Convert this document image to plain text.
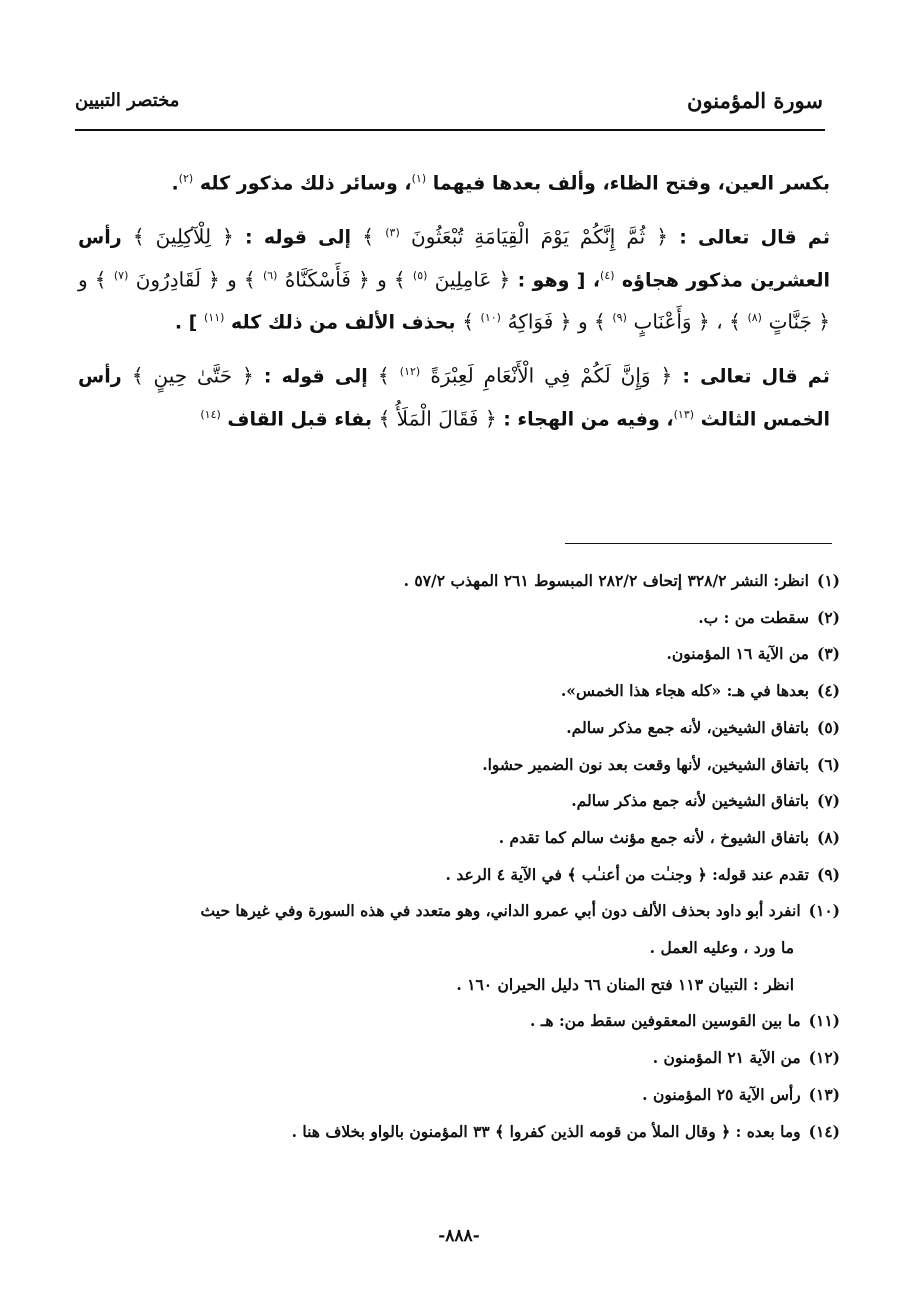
سورة المؤمنون
مختصر التبيين

بكسر العين، وفتح الظاء، وألف بعدها فيهما $^{(١)}$، وسائر ذلك مذكور كله $^{(٢)}$.

ثم قال تعالى : ﴿ ثُمَّ إِنَّكُمْ يَوْمَ الْقِيَامَةِ تُبْعَثُونَ $^{(٣)}$ ﴾ إلى قوله : ﴿ لِلْآكِلِينَ ﴾ رأس العشرين مذكور هجاؤه $^{(٤)}$، [ وهو : ﴿ عَامِلِينَ $^{(٥)}$ ﴾ و ﴿ فَأَسْكَنَّاهُ $^{(٦)}$ ﴾ و ﴿ لَقَادِرُونَ $^{(٧)}$ ﴾ و ﴿ جَنَّاتٍ $^{(٨)}$ ﴾ ، ﴿ وَأَعْنَابٍ $^{(٩)}$ ﴾ و ﴿ فَوَاكِهُ $^{(١٠)}$ ﴾ بحذف الألف من ذلك كله $^{(١١)}$ ] .

ثم قال تعالى : ﴿ وَإِنَّ لَكُمْ فِي الْأَنْعَامِ لَعِبْرَةً $^{(١٢)}$ ﴾ إلى قوله : ﴿ حَتَّىٰ حِينٍ ﴾ رأس الخمس الثالث $^{(١٣)}$، وفيه من الهجاء : ﴿ فَقَالَ الْمَلَأُ ﴾ بفاء قبل القاف $^{(١٤)}$

(١)
انظر: النشر ٣٢٨/٢ إتحاف ٢٨٢/٢ المبسوط ٢٦١ المهذب ٥٧/٢ .
(٢)
سقطت من : ب.
(٣)
من الآية ١٦ المؤمنون.
(٤)
بعدها في هـ: «كله هجاء هذا الخمس».
(٥)
باتفاق الشيخين، لأنه جمع مذكر سالم.
(٦)
باتفاق الشيخين، لأنها وقعت بعد نون الضمير حشوا.
(٧)
باتفاق الشيخين لأنه جمع مذكر سالم.
(٨)
باتفاق الشيوخ ، لأنه جمع مؤنث سالم كما تقدم .
(٩)
تقدم عند قوله: ﴿ وجنـٰت من أعنـٰب ﴾ في الآية ٤ الرعد .
(١٠)
انفرد أبو داود بحذف الألف دون أبي عمرو الداني، وهو متعدد في هذه السورة وفي غيرها حيث
ما ورد ، وعليه العمل .
انظر : التبيان ١١٣ فتح المنان ٦٦ دليل الحيران ١٦٠ .
(١١)
ما بين القوسين المعقوفين سقط من: هـ .
(١٢)
من الآية ٢١ المؤمنون .
(١٣)
رأس الآية ٢٥ المؤمنون .
(١٤)
وما بعده : ﴿ وقال الملأ من قومه الذين كفروا ﴾ ٣٣ المؤمنون بالواو بخلاف هنا .
-٨٨٨-
